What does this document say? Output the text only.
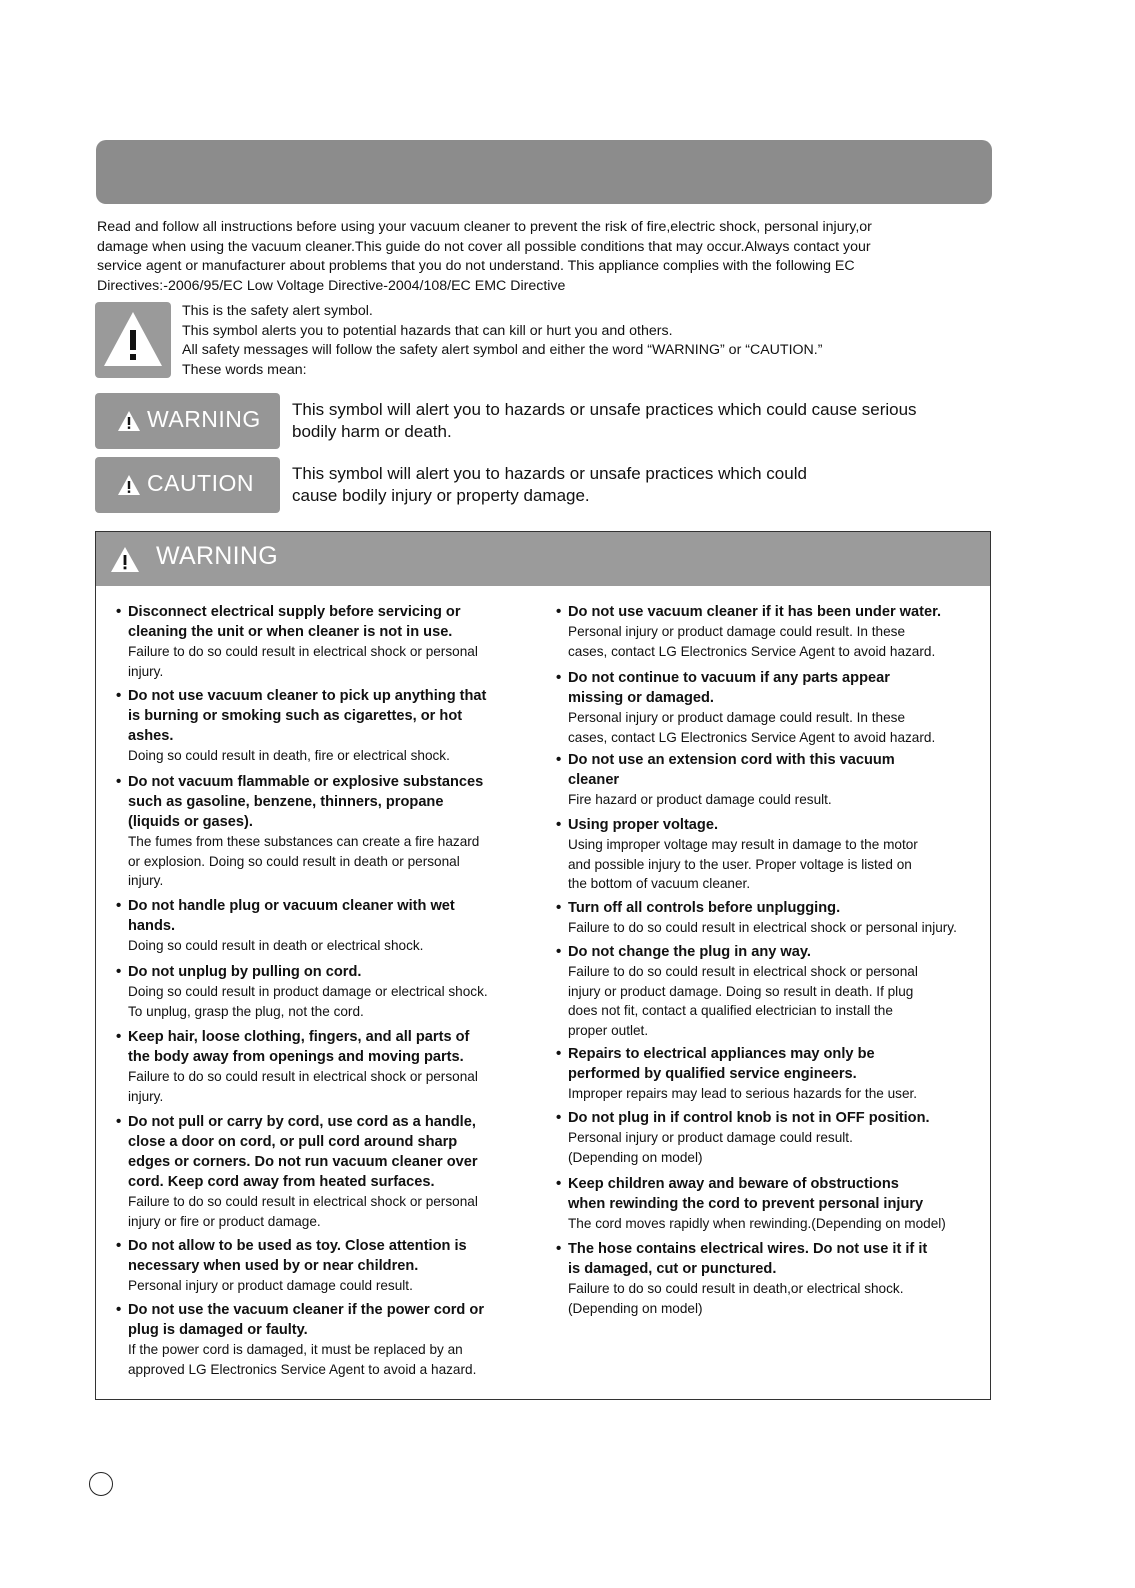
Read and follow all instructions before using your vacuum cleaner to prevent the risk of fire,electric shock, personal injury,or
damage when using the vacuum cleaner.This guide do not cover all possible conditions that may occur.Always contact your
service agent or manufacturer about problems that you do not understand. This appliance complies with the following EC
Directives:-2006/95/EC Low Voltage Directive-2004/108/EC EMC Directive
This is the safety alert symbol.
This symbol alerts you to potential hazards that can kill or hurt you and others.
All safety messages will follow the safety alert symbol and either the word “WARNING” or “CAUTION.”
These words mean:
WARNING This symbol will alert you to hazards or unsafe practices which could cause serious
bodily harm or death.
CAUTION This symbol will alert you to hazards or unsafe practices which could
cause bodily injury or property damage.
WARNING
• Disconnect electrical supply before servicing or
cleaning the unit or when cleaner is not in use.
Failure to do so could result in electrical shock or personal
injury.
• Do not use vacuum cleaner to pick up anything that
is burning or smoking such as cigarettes, or hot
ashes.
Doing so could result in death, fire or electrical shock.
• Do not vacuum flammable or explosive substances
such as gasoline, benzene, thinners, propane
(liquids or gases).
The fumes from these substances can create a fire hazard
or explosion. Doing so could result in death or personal
injury.
• Do not handle plug or vacuum cleaner with wet
hands.
Doing so could result in death or electrical shock.
• Do not unplug by pulling on cord.
Doing so could result in product damage or electrical shock.
To unplug, grasp the plug, not the cord.
• Keep hair, loose clothing, fingers, and all parts of
the body away from openings and moving parts.
Failure to do so could result in electrical shock or personal
injury.
• Do not pull or carry by cord, use cord as a handle,
close a door on cord, or pull cord around sharp
edges or corners. Do not run vacuum cleaner over
cord. Keep cord away from heated surfaces.
Failure to do so could result in electrical shock or personal
injury or fire or product damage.
• Do not allow to be used as toy. Close attention is
necessary when used by or near children.
Personal injury or product damage could result.
• Do not use the vacuum cleaner if the power cord or
plug is damaged or faulty.
If the power cord is damaged, it must be replaced by an
approved LG Electronics Service Agent to avoid a hazard.
• Do not use vacuum cleaner if it has been under water.
Personal injury or product damage could result. In these
cases, contact LG Electronics Service Agent to avoid hazard.
• Do not continue to vacuum if any parts appear
missing or damaged.
Personal injury or product damage could result. In these
cases, contact LG Electronics Service Agent to avoid hazard.
• Do not use an extension cord with this vacuum
cleaner
Fire hazard or product damage could result.
• Using proper voltage.
Using improper voltage may result in damage to the motor
and possible injury to the user. Proper voltage is listed on
the bottom of vacuum cleaner.
• Turn off all controls before unplugging.
Failure to do so could result in electrical shock or personal injury.
• Do not change the plug in any way.
Failure to do so could result in electrical shock or personal
injury or product damage. Doing so result in death. If plug
does not fit, contact a qualified electrician to install the
proper outlet.
• Repairs to electrical appliances may only be
performed by qualified service engineers.
Improper repairs may lead to serious hazards for the user.
• Do not plug in if control knob is not in OFF position.
Personal injury or product damage could result.
(Depending on model)
• Keep children away and beware of obstructions
when rewinding the cord to prevent personal injury
The cord moves rapidly when rewinding.(Depending on model)
• The hose contains electrical wires. Do not use it if it
is damaged, cut or punctured.
Failure to do so could result in death,or electrical shock.
(Depending on model)
